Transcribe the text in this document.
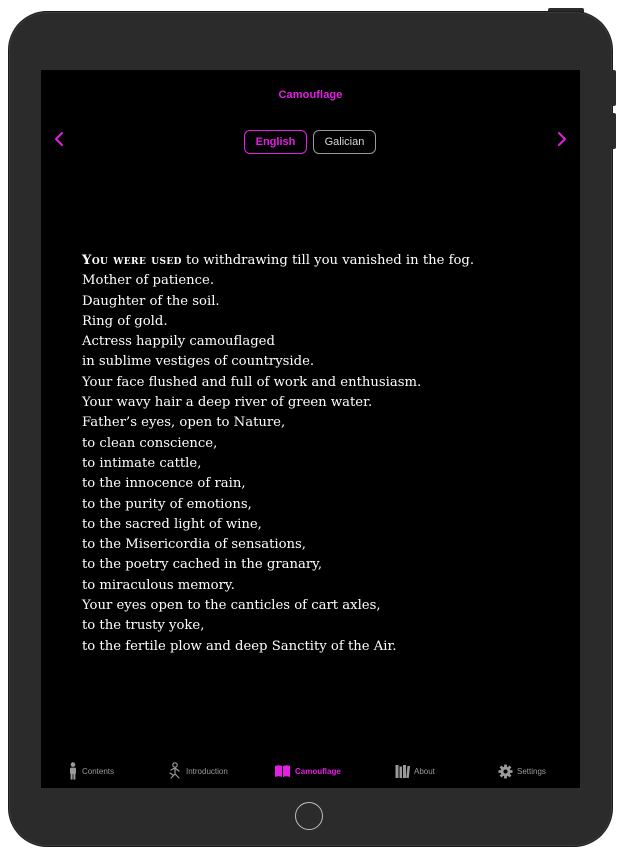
Camouflage
English	Galician
You were used to withdrawing till you vanished in the fog.
Mother of patience.
Daughter of the soil.
Ring of gold.
Actress happily camouflaged
in sublime vestiges of countryside.
Your face flushed and full of work and enthusiasm.
Your wavy hair a deep river of green water.
Father’s eyes, open to Nature,
to clean conscience,
to intimate cattle,
to the innocence of rain,
to the purity of emotions,
to the sacred light of wine,
to the Misericordia of sensations,
to the poetry cached in the granary,
to miraculous memory.
Your eyes open to the canticles of cart axles,
to the trusty yoke,
to the fertile plow and deep Sanctity of the Air.
Contents	Introduction	Camouflage	About	Settings
